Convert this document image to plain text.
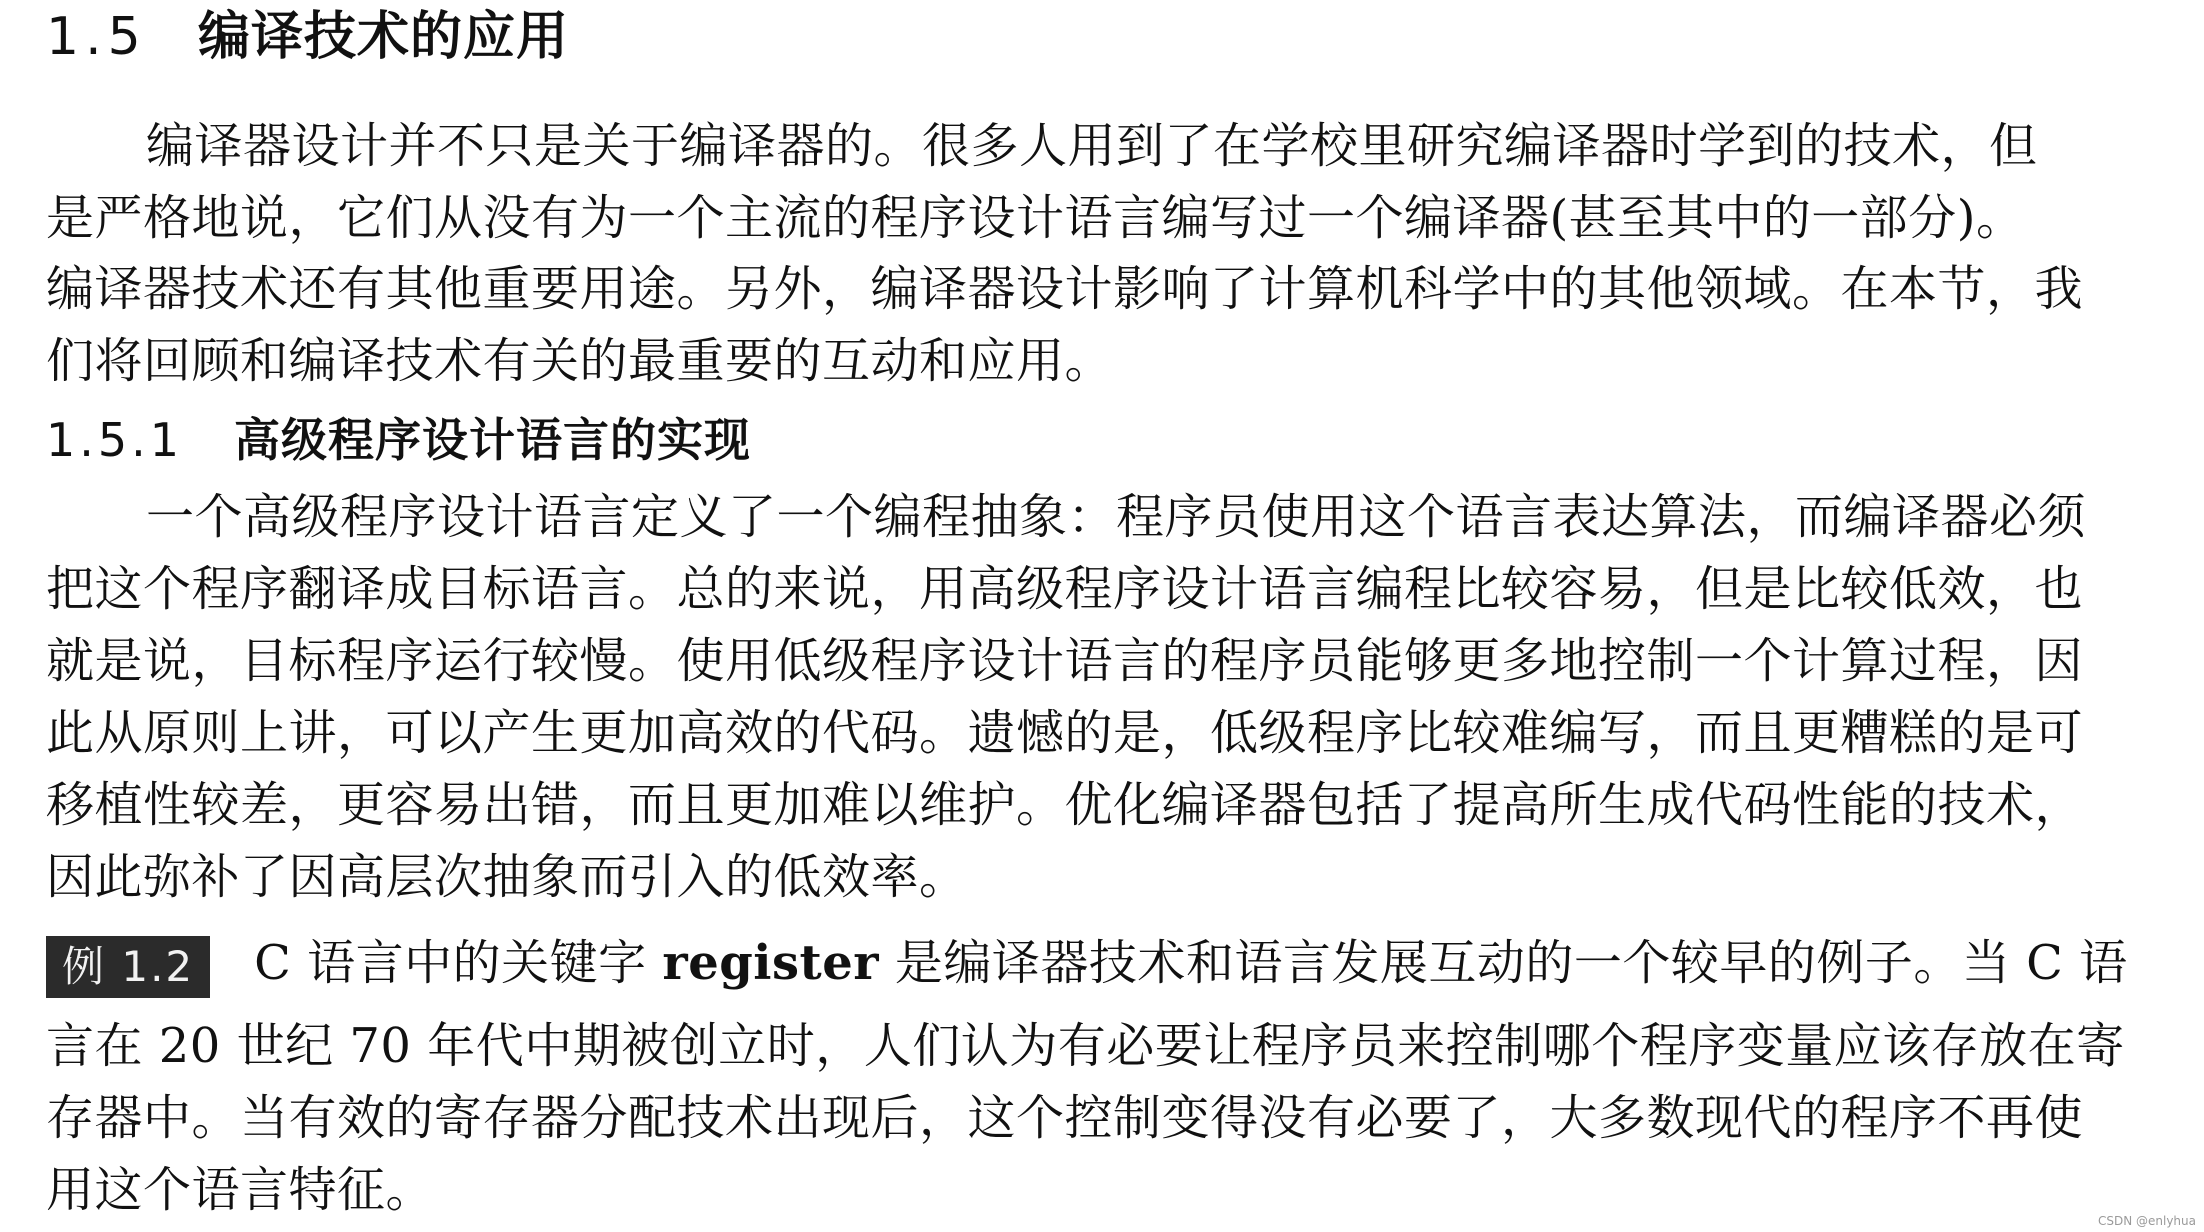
1.5 编译技术的应用
编译器设计并不只是关于编译器的。很多人用到了在学校里研究编译器时学到的技术，但
是严格地说，它们从没有为一个主流的程序设计语言编写过一个编译器(甚至其中的一部分)。
编译器技术还有其他重要用途。另外，编译器设计影响了计算机科学中的其他领域。在本节，我
们将回顾和编译技术有关的最重要的互动和应用。
1.5.1 高级程序设计语言的实现
一个高级程序设计语言定义了一个编程抽象：程序员使用这个语言表达算法，而编译器必须
把这个程序翻译成目标语言。总的来说，用高级程序设计语言编程比较容易，但是比较低效，也
就是说，目标程序运行较慢。使用低级程序设计语言的程序员能够更多地控制一个计算过程，因
此从原则上讲，可以产生更加高效的代码。遗憾的是，低级程序比较难编写，而且更糟糕的是可
移植性较差，更容易出错，而且更加难以维护。优化编译器包括了提高所生成代码性能的技术，
因此弥补了因高层次抽象而引入的低效率。
例 1.2 C 语言中的关键字 register 是编译器技术和语言发展互动的一个较早的例子。当 C 语
言在 20 世纪 70 年代中期被创立时，人们认为有必要让程序员来控制哪个程序变量应该存放在寄
存器中。当有效的寄存器分配技术出现后，这个控制变得没有必要了，大多数现代的程序不再使
用这个语言特征。
CSDN @enlyhua
